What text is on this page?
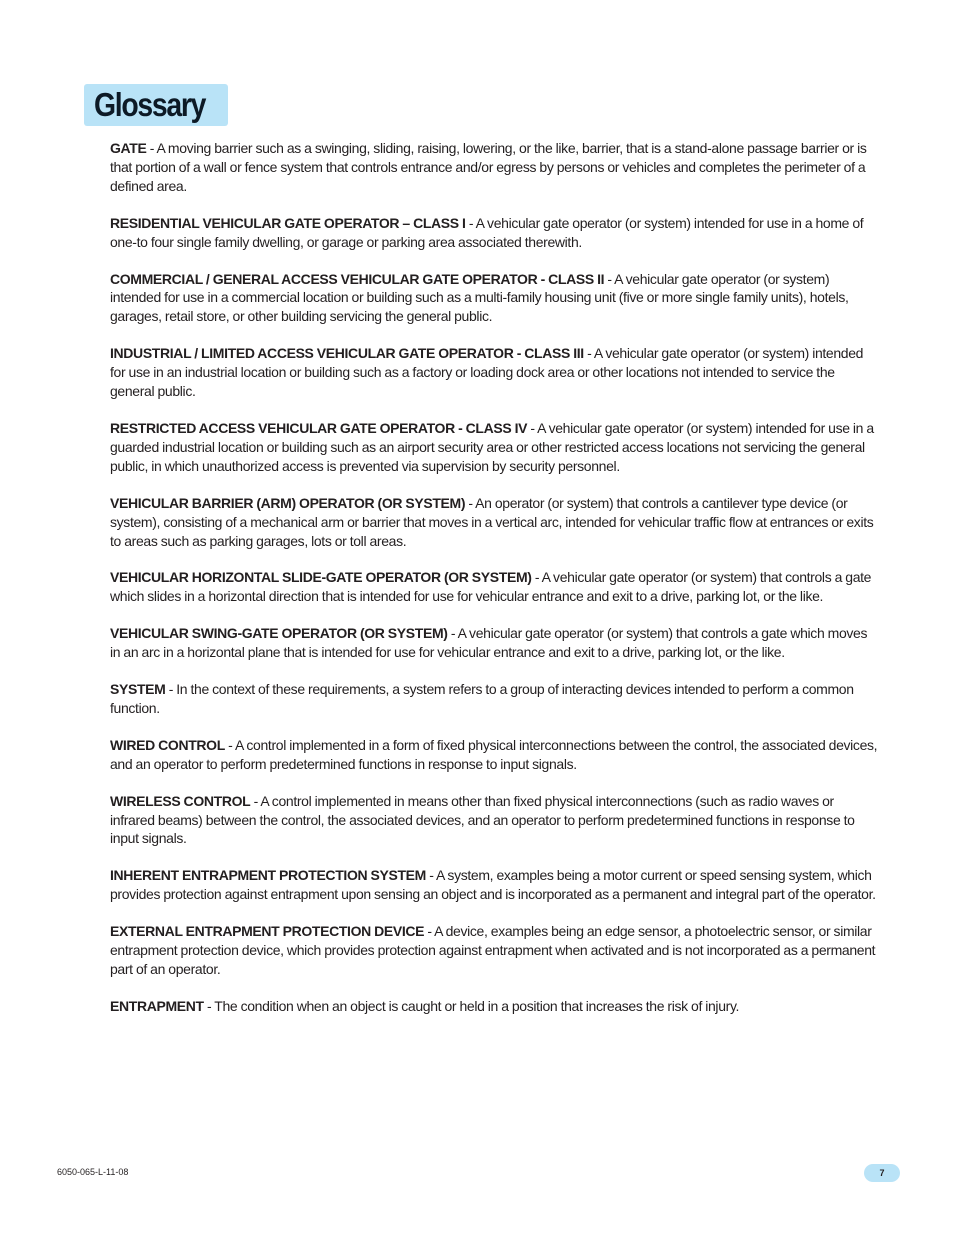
Glossary

GATE - A moving barrier such as a swinging, sliding, raising, lowering, or the like, barrier, that is a stand-alone passage barrier or is that portion of a wall or fence system that controls entrance and/or egress by persons or vehicles and completes the perimeter of a defined area.

RESIDENTIAL VEHICULAR GATE OPERATOR – CLASS I - A vehicular gate operator (or system) intended for use in a home of one-to four single family dwelling, or garage or parking area associated therewith.

COMMERCIAL / GENERAL ACCESS VEHICULAR GATE OPERATOR - CLASS II - A vehicular gate operator (or system) intended for use in a commercial location or building such as a multi-family housing unit (five or more single family units), hotels, garages, retail store, or other building servicing the general public.

INDUSTRIAL / LIMITED ACCESS VEHICULAR GATE OPERATOR - CLASS III - A vehicular gate operator (or system) intended for use in an industrial location or building such as a factory or loading dock area or other locations not intended to service the general public.

RESTRICTED ACCESS VEHICULAR GATE OPERATOR - CLASS IV - A vehicular gate operator (or system) intended for use in a guarded industrial location or building such as an airport security area or other restricted access locations not servicing the general public, in which unauthorized access is prevented via supervision by security personnel.

VEHICULAR BARRIER (ARM) OPERATOR (OR SYSTEM) - An operator (or system) that controls a cantilever type device (or system), consisting of a mechanical arm or barrier that moves in a vertical arc, intended for vehicular traffic flow at entrances or exits to areas such as parking garages, lots or toll areas.

VEHICULAR HORIZONTAL SLIDE-GATE OPERATOR (OR SYSTEM) - A vehicular gate operator (or system) that controls a gate which slides in a horizontal direction that is intended for use for vehicular entrance and exit to a drive, parking lot, or the like.

VEHICULAR SWING-GATE OPERATOR (OR SYSTEM) - A vehicular gate operator (or system) that controls a gate which moves in an arc in a horizontal plane that is intended for use for vehicular entrance and exit to a drive, parking lot, or the like.

SYSTEM - In the context of these requirements, a system refers to a group of interacting devices intended to perform a common function.

WIRED CONTROL - A control implemented in a form of fixed physical interconnections between the control, the associated devices, and an operator to perform predetermined functions in response to input signals.

WIRELESS CONTROL - A control implemented in means other than fixed physical interconnections (such as radio waves or infrared beams) between the control, the associated devices, and an operator to perform predetermined functions in response to input signals.

INHERENT ENTRAPMENT PROTECTION SYSTEM - A system, examples being a motor current or speed sensing system, which provides protection against entrapment upon sensing an object and is incorporated as a permanent and integral part of the operator.

EXTERNAL ENTRAPMENT PROTECTION DEVICE - A device, examples being an edge sensor, a photoelectric sensor, or similar entrapment protection device, which provides protection against entrapment when activated and is not incorporated as a permanent part of an operator.

ENTRAPMENT - The condition when an object is caught or held in a position that increases the risk of injury.

6050-065-L-11-08	7
